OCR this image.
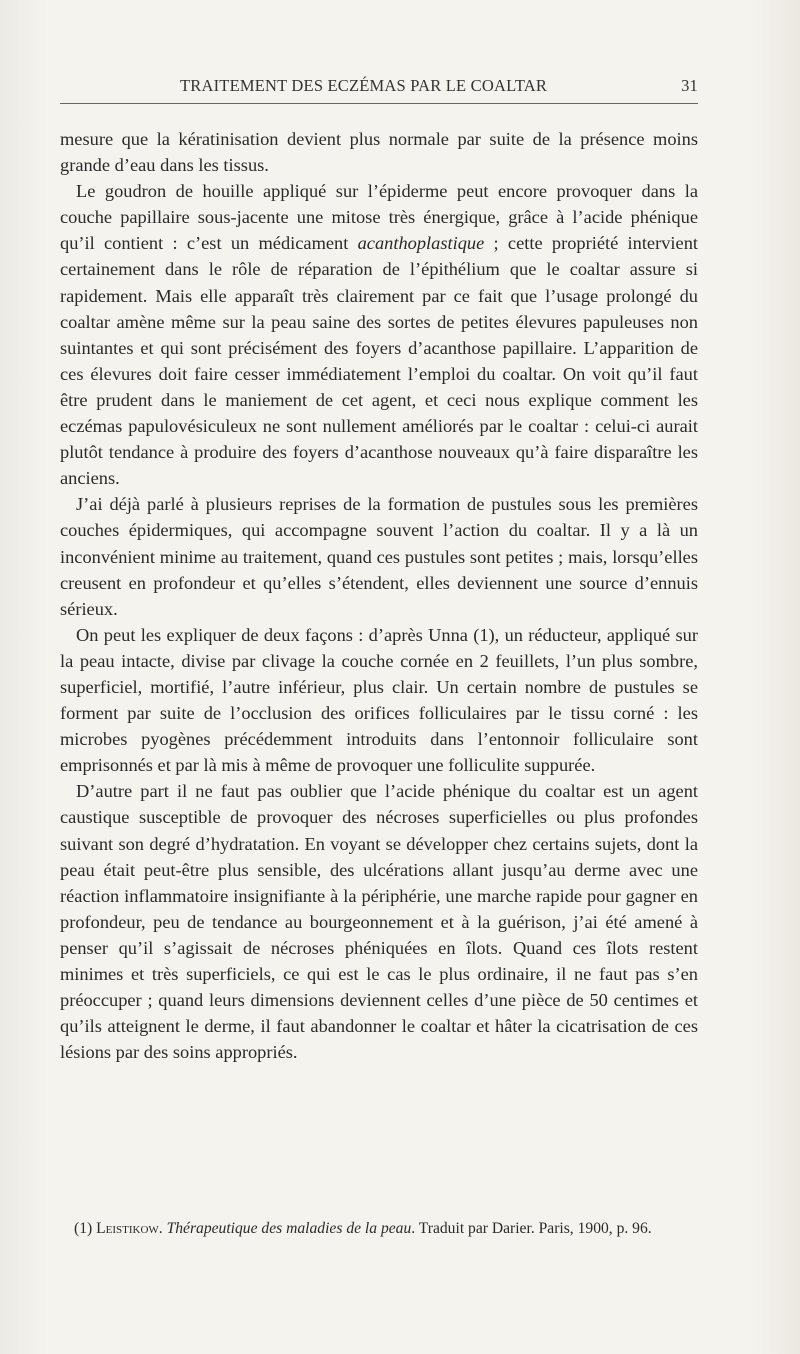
TRAITEMENT DES ECZÉMAS PAR LE COALTAR	31

mesure que la kératinisation devient plus normale par suite de la présence moins grande d’eau dans les tissus.

Le goudron de houille appliqué sur l’épiderme peut encore provoquer dans la couche papillaire sous-jacente une mitose très énergique, grâce à l’acide phénique qu’il contient : c’est un médicament acanthoplastique ; cette propriété intervient certainement dans le rôle de réparation de l’épithélium que le coaltar assure si rapidement. Mais elle apparaît très clairement par ce fait que l’usage prolongé du coaltar amène même sur la peau saine des sortes de petites élevures papuleuses non suintantes et qui sont précisément des foyers d’acanthose papillaire. L’apparition de ces élevures doit faire cesser immédiatement l’emploi du coaltar. On voit qu’il faut être prudent dans le maniement de cet agent, et ceci nous explique comment les eczémas papulovésiculeux ne sont nullement améliorés par le coaltar : celui-ci aurait plutôt tendance à produire des foyers d’acanthose nouveaux qu’à faire disparaître les anciens.

J’ai déjà parlé à plusieurs reprises de la formation de pustules sous les premières couches épidermiques, qui accompagne souvent l’action du coaltar. Il y a là un inconvénient minime au traitement, quand ces pustules sont petites ; mais, lorsqu’elles creusent en profondeur et qu’elles s’étendent, elles deviennent une source d’ennuis sérieux.

On peut les expliquer de deux façons : d’après Unna (1), un réducteur, appliqué sur la peau intacte, divise par clivage la couche cornée en 2 feuillets, l’un plus sombre, superficiel, mortifié, l’autre inférieur, plus clair. Un certain nombre de pustules se forment par suite de l’occlusion des orifices folliculaires par le tissu corné : les microbes pyogènes précédemment introduits dans l’entonnoir folliculaire sont emprisonnés et par là mis à même de provoquer une folliculite suppurée.

D’autre part il ne faut pas oublier que l’acide phénique du coaltar est un agent caustique susceptible de provoquer des nécroses superficielles ou plus profondes suivant son degré d’hydratation. En voyant se développer chez certains sujets, dont la peau était peut-être plus sensible, des ulcérations allant jusqu’au derme avec une réaction inflammatoire insignifiante à la périphérie, une marche rapide pour gagner en profondeur, peu de tendance au bourgeonnement et à la guérison, j’ai été amené à penser qu’il s’agissait de nécroses phéniquées en îlots. Quand ces îlots restent minimes et très superficiels, ce qui est le cas le plus ordinaire, il ne faut pas s’en préoccuper ; quand leurs dimensions deviennent celles d’une pièce de 50 centimes et qu’ils atteignent le derme, il faut abandonner le coaltar et hâter la cicatrisation de ces lésions par des soins appropriés.

(1) Leistikow. Thérapeutique des maladies de la peau. Traduit par Darier. Paris, 1900, p. 96.
